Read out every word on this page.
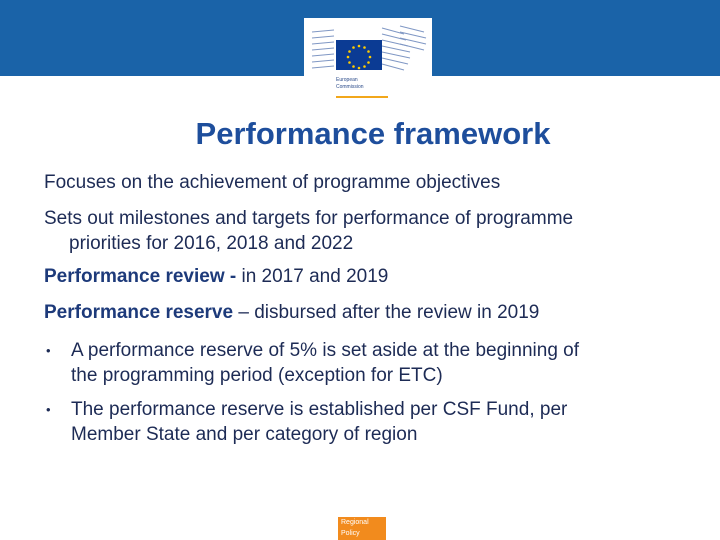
European
Commission
Performance framework
Focuses on the achievement of programme objectives
Sets out milestones and targets for performance of programme
priorities for 2016, 2018 and 2022
Performance review - in 2017 and 2019
Performance reserve – disbursed after the review in 2019
•	A performance reserve of 5% is set aside at the beginning of
the programming period (exception for ETC)
•	The performance reserve is established per CSF Fund, per
Member State and per category of region
Regional
Policy
